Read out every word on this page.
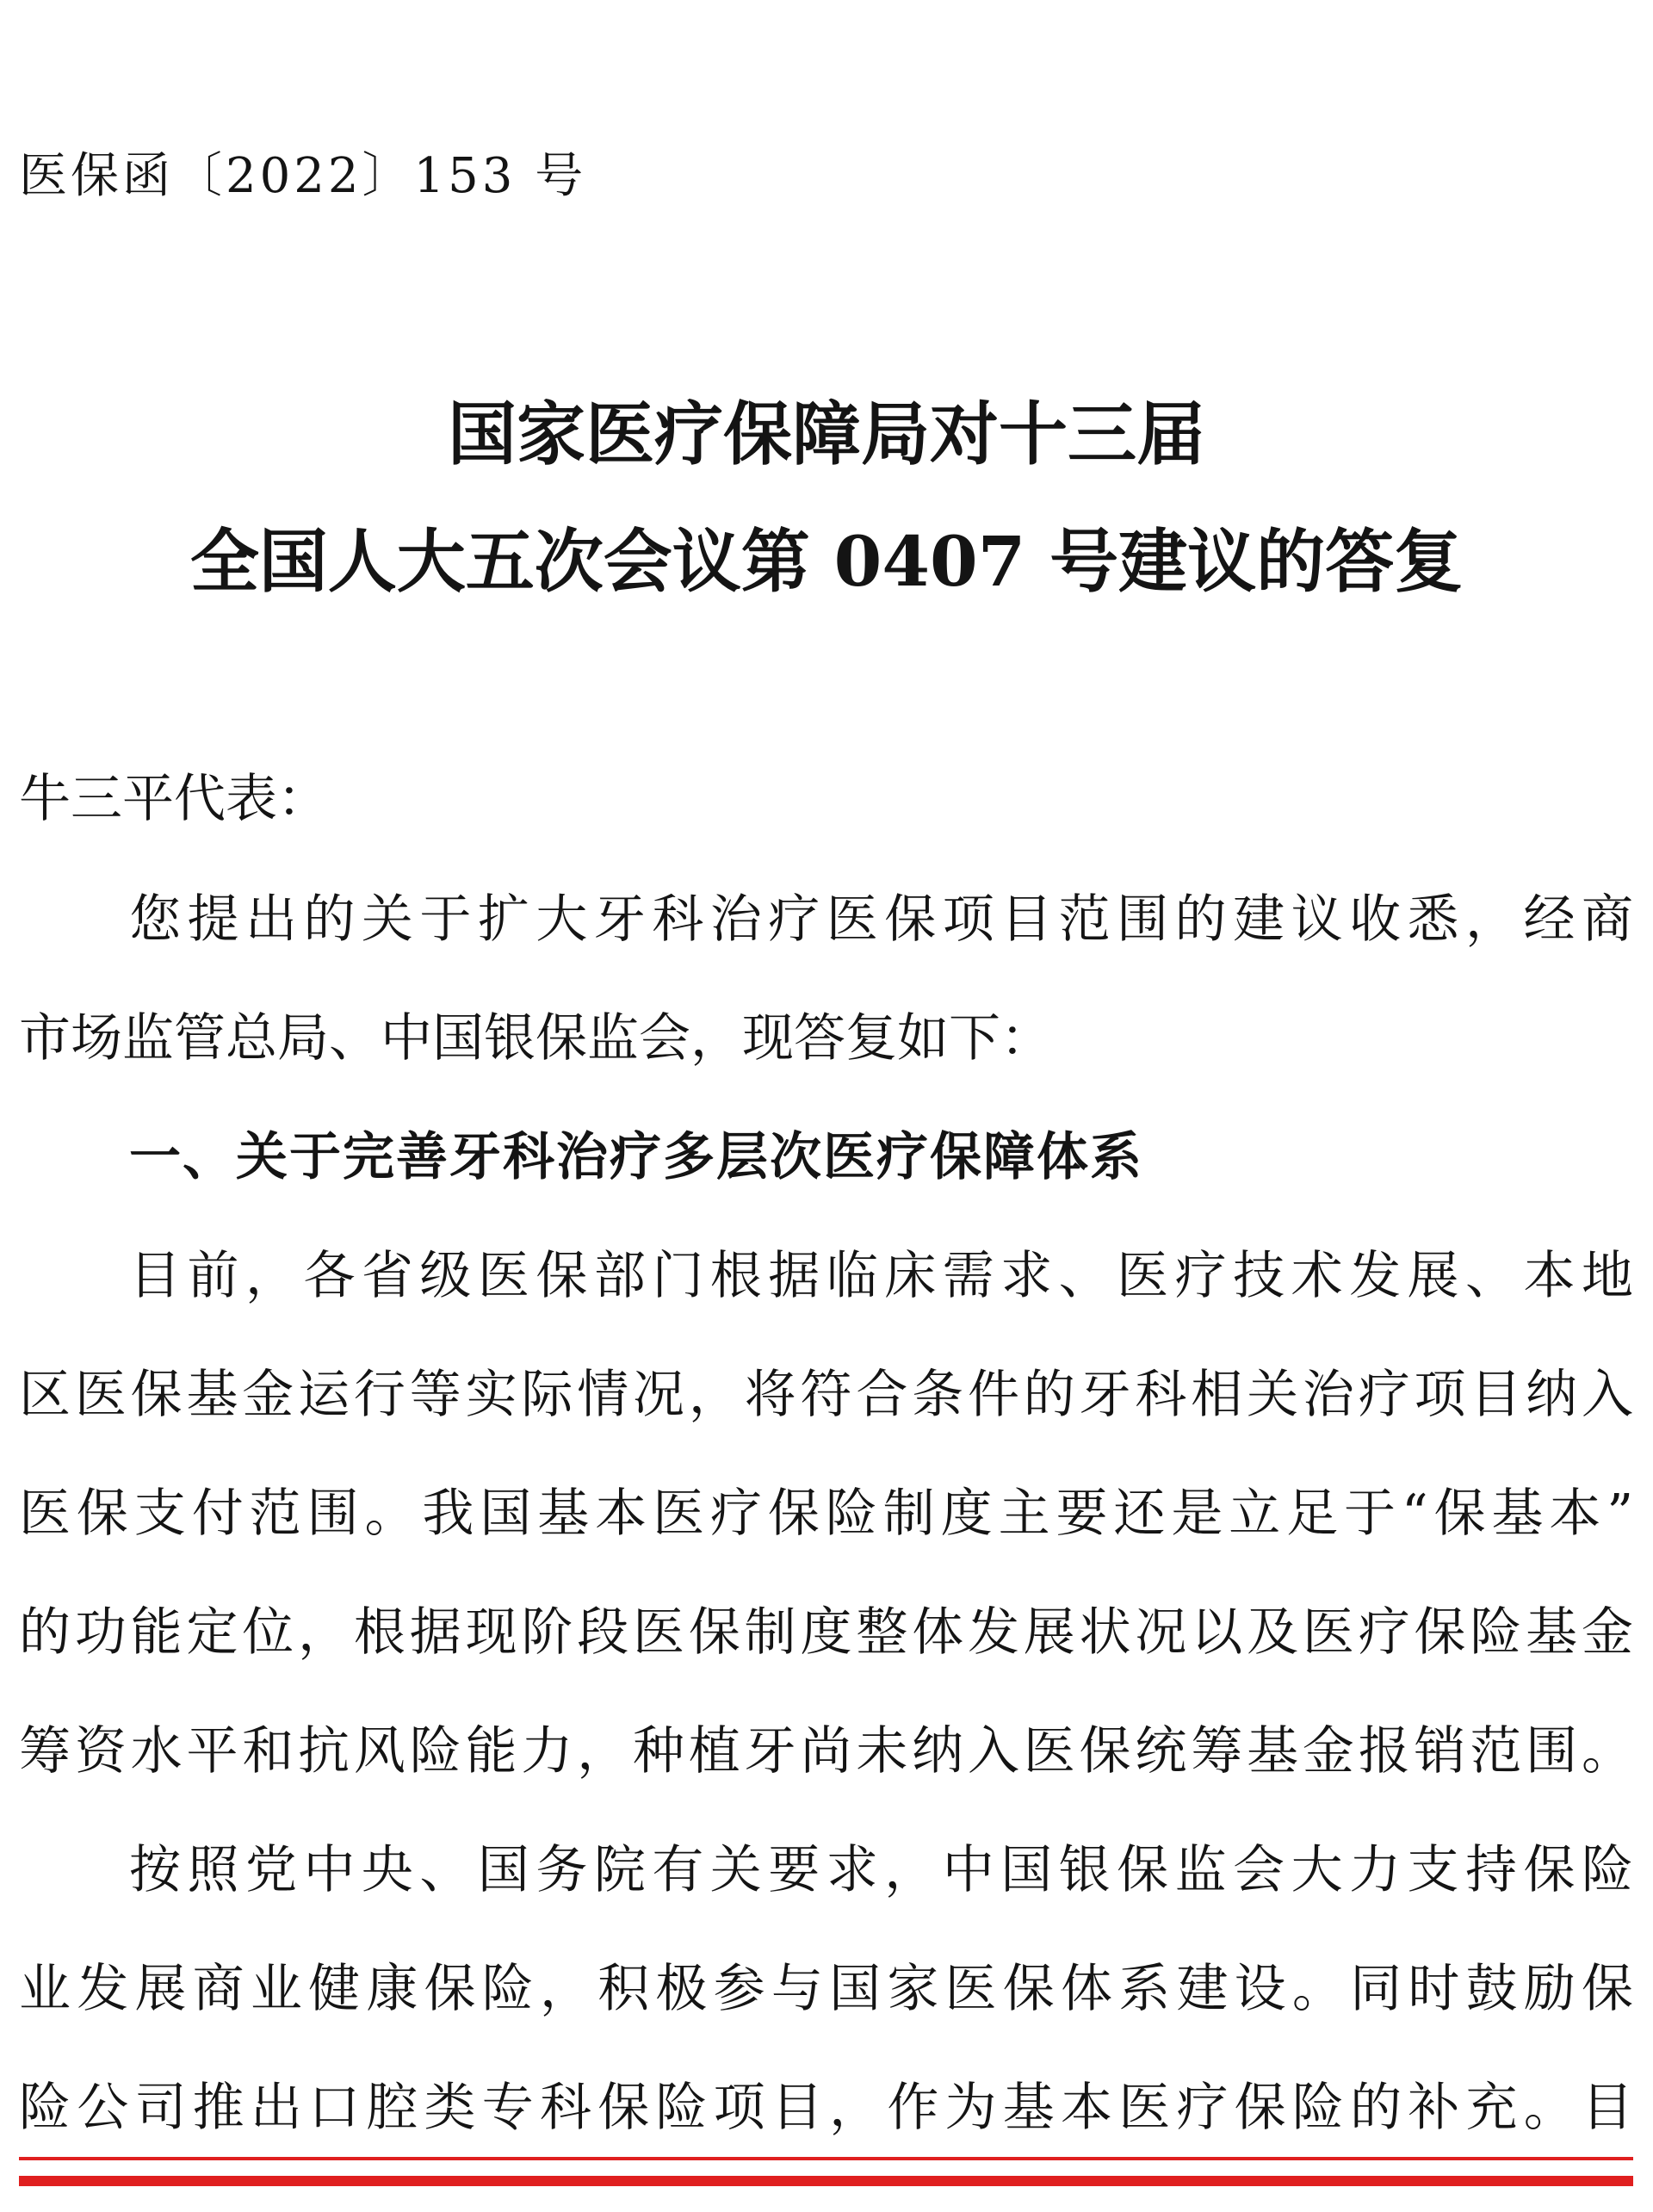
医保函〔2022〕153 号
国家医疗保障局对十三届
全国人大五次会议第 0407 号建议的答复
牛三平代表：
您提出的关于扩大牙科治疗医保项目范围的建议收悉，经商
市场监管总局、中国银保监会，现答复如下：
一、关于完善牙科治疗多层次医疗保障体系
目前，各省级医保部门根据临床需求、医疗技术发展、本地
区医保基金运行等实际情况，将符合条件的牙科相关治疗项目纳入
医保支付范围。我国基本医疗保险制度主要还是立足于“保基本”
的功能定位，根据现阶段医保制度整体发展状况以及医疗保险基金
筹资水平和抗风险能力，种植牙尚未纳入医保统筹基金报销范围。
按照党中央、国务院有关要求，中国银保监会大力支持保险
业发展商业健康保险，积极参与国家医保体系建设。同时鼓励保
险公司推出口腔类专科保险项目，作为基本医疗保险的补充。目
